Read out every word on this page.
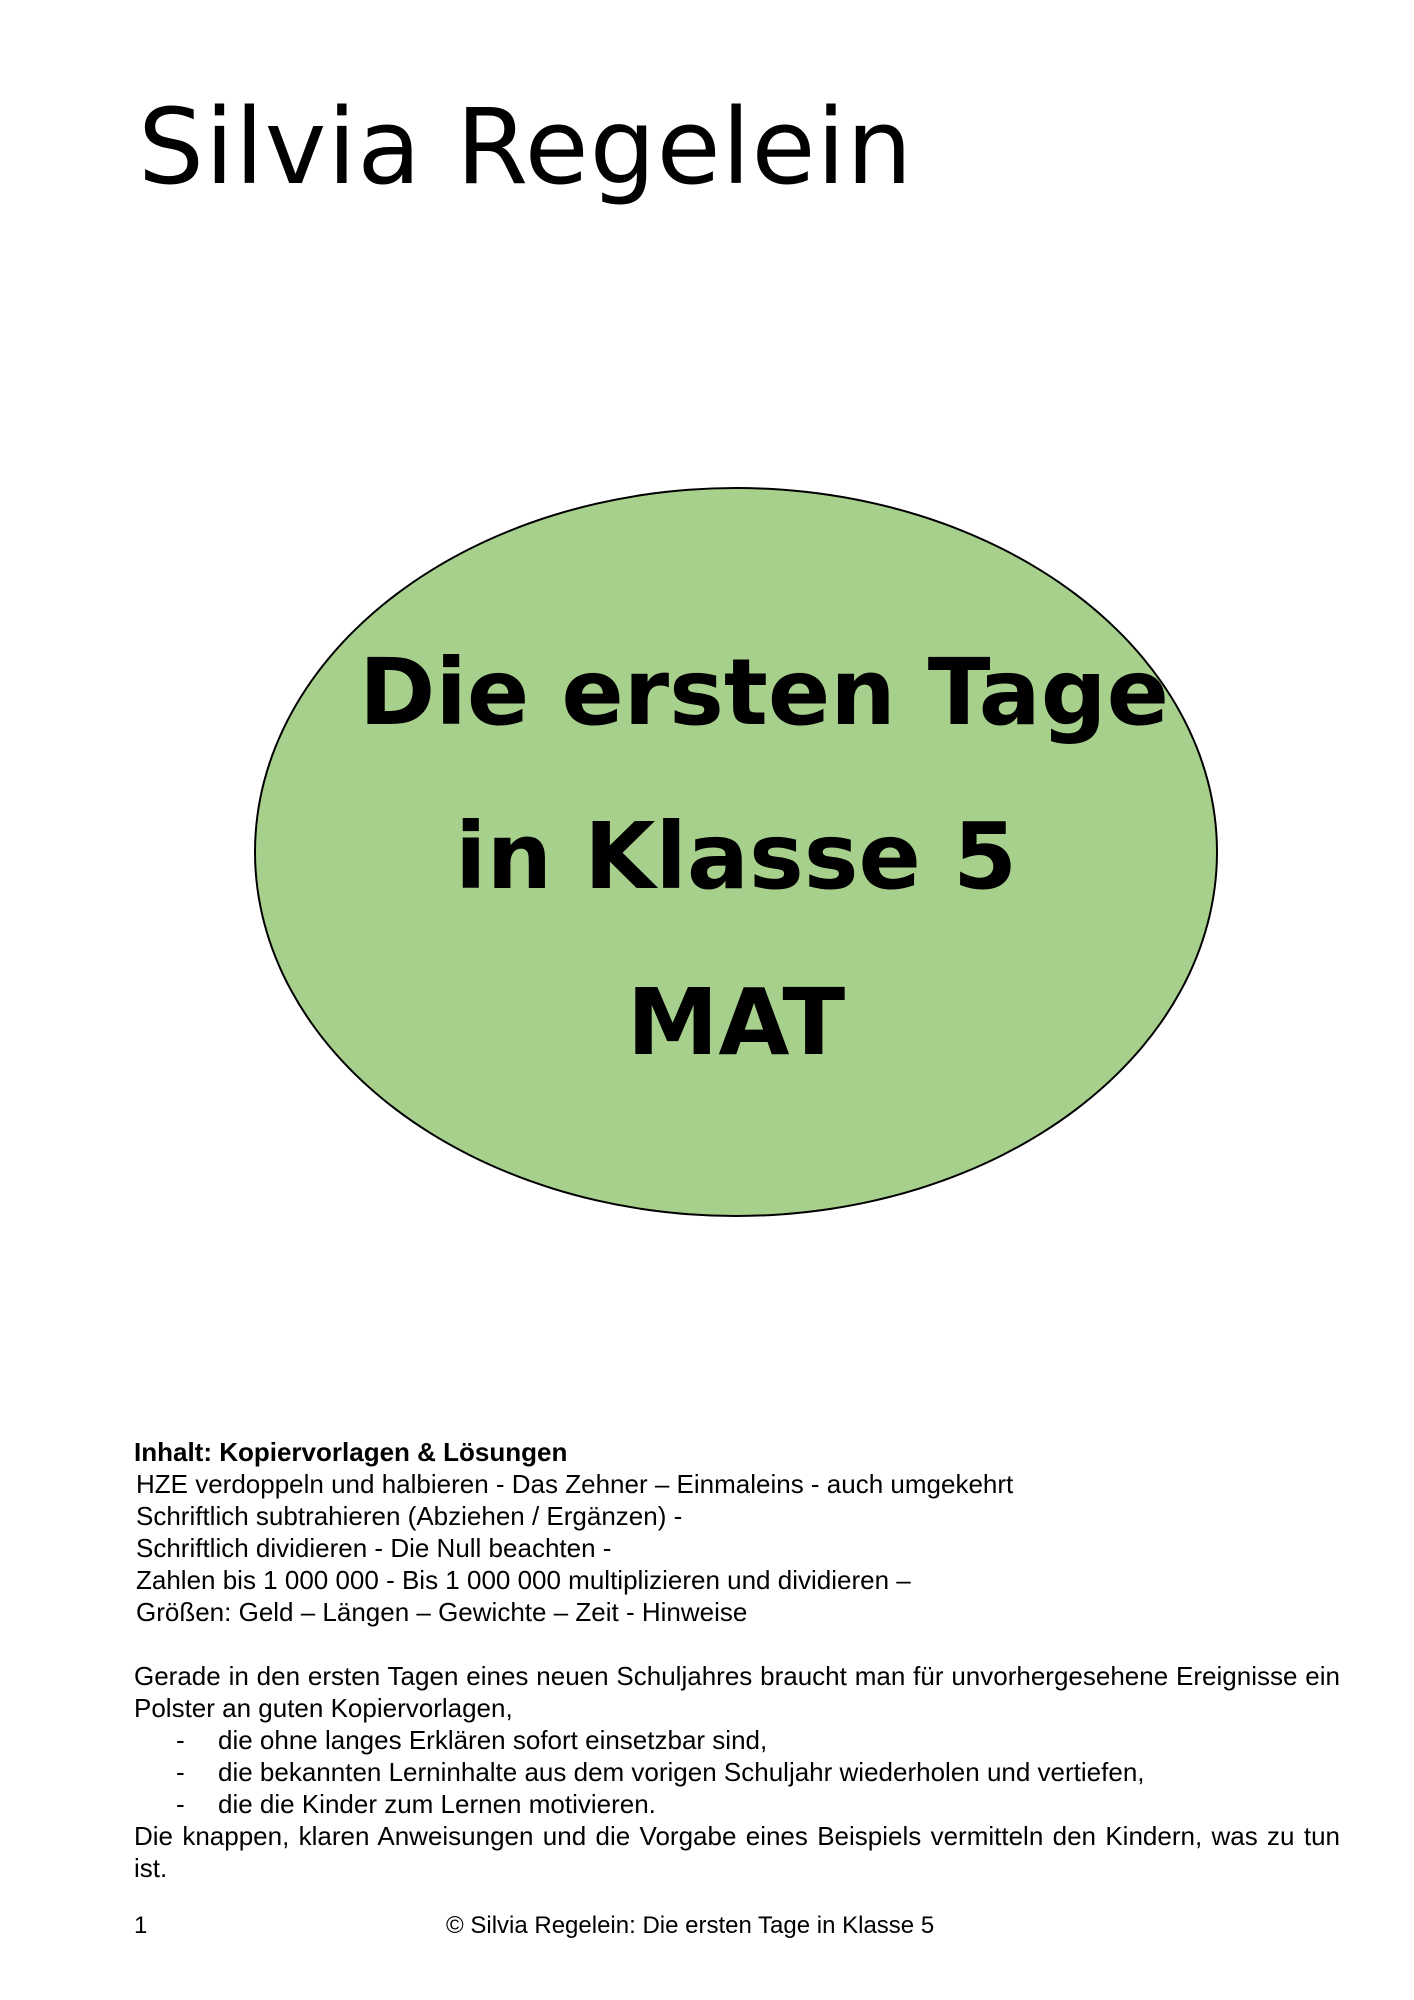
Silvia Regelein
Die ersten Tage
in Klasse 5
MAT

Inhalt: Kopiervorlagen & Lösungen

HZE verdoppeln und halbieren - Das Zehner – Einmaleins - auch umgekehrt
Schriftlich subtrahieren (Abziehen / Ergänzen) -
Schriftlich dividieren - Die Null beachten -
Zahlen bis 1 000 000 - Bis 1 000 000 multiplizieren und dividieren –
Größen: Geld – Längen – Gewichte – Zeit - Hinweise

Gerade in den ersten Tagen eines neuen Schuljahres braucht man für unvorhergesehene Ereignisse ein Polster an guten Kopiervorlagen,

- die ohne langes Erklären sofort einsetzbar sind,
- die bekannten Lerninhalte aus dem vorigen Schuljahr wiederholen und vertiefen,
- die die Kinder zum Lernen motivieren.

Die knappen, klaren Anweisungen und die Vorgabe eines Beispiels vermitteln den Kindern, was zu tun ist.

1	© Silvia Regelein: Die ersten Tage in Klasse 5
